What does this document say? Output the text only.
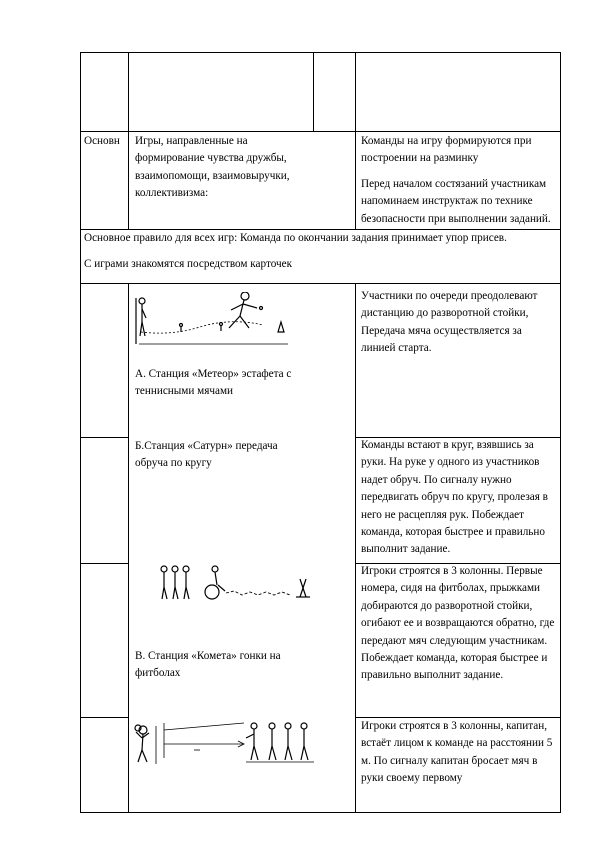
Основн	Игры, направленные на формирование чувства дружбы, взаимопомощи, взаимовыручки, коллективизма:

Команды на игру формируются при построении на разминку

Перед началом состязаний участникам напоминаем инструктаж по технике безопасности при выполнении заданий.

Основное правило для всех игр: Команда по окончании задания принимает упор присев.

С играми знакомятся посредством карточек

А. Станция «Метеор» эстафета с теннисными мячами
Участники по очереди преодолевают дистанцию до разворотной стойки, Передача мяча осуществляется за линией старта.
Б.Станция «Сатурн» передача обруча по кругу
Команды встают в круг, взявшись за руки. На руке у одного из участников надет обруч. По сигналу нужно передвигать обруч по кругу, пролезая в него не расцепляя рук. Побеждает команда, которая быстрее и правильно выполнит задание.
В. Станция «Комета» гонки на фитболах
Игроки строятся в 3 колонны. Первые номера, сидя на фитболах, прыжками добираются до разворотной стойки, огибают ее и возвращаются обратно, где передают мяч следующим участникам. Побеждает команда, которая быстрее и правильно выполнит задание.
Игроки строятся в 3 колонны, капитан, встаёт лицом к команде на расстоянии 5 м. По сигналу капитан бросает мяч в руки своему первому
